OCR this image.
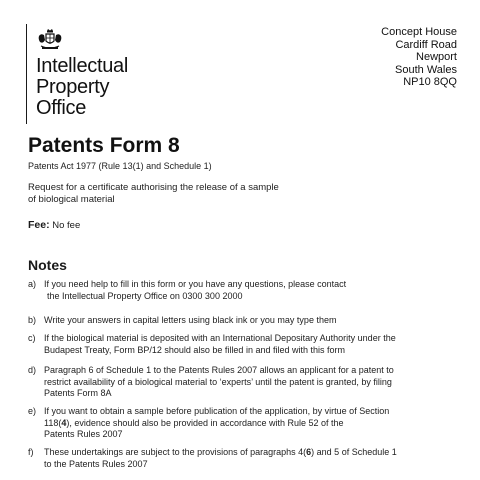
Intellectual
Property
Office
Concept House
Cardiff Road
Newport
South Wales
NP10 8QQ
Patents Form 8
Patents Act 1977 (Rule 13(1) and Schedule 1)
Request for a certificate authorising the release of a sample
of biological material
Fee: No fee
Notes
a) If you need help to fill in this form or you have any questions, please contact
the Intellectual Property Office on 0300 300 2000
b) Write your answers in capital letters using black ink or you may type them
c) If the biological material is deposited with an International Depositary Authority under the
Budapest Treaty, Form BP/12 should also be filled in and filed with this form
d) Paragraph 6 of Schedule 1 to the Patents Rules 2007 allows an applicant for a patent to
restrict availability of a biological material to ‘experts’ until the patent is granted, by filing
Patents Form 8A
e) If you want to obtain a sample before publication of the application, by virtue of Section
118(4), evidence should also be provided in accordance with Rule 52 of the
Patents Rules 2007
f)	These undertakings are subject to the provisions of paragraphs 4(6) and 5 of Schedule 1
to the Patents Rules 2007
